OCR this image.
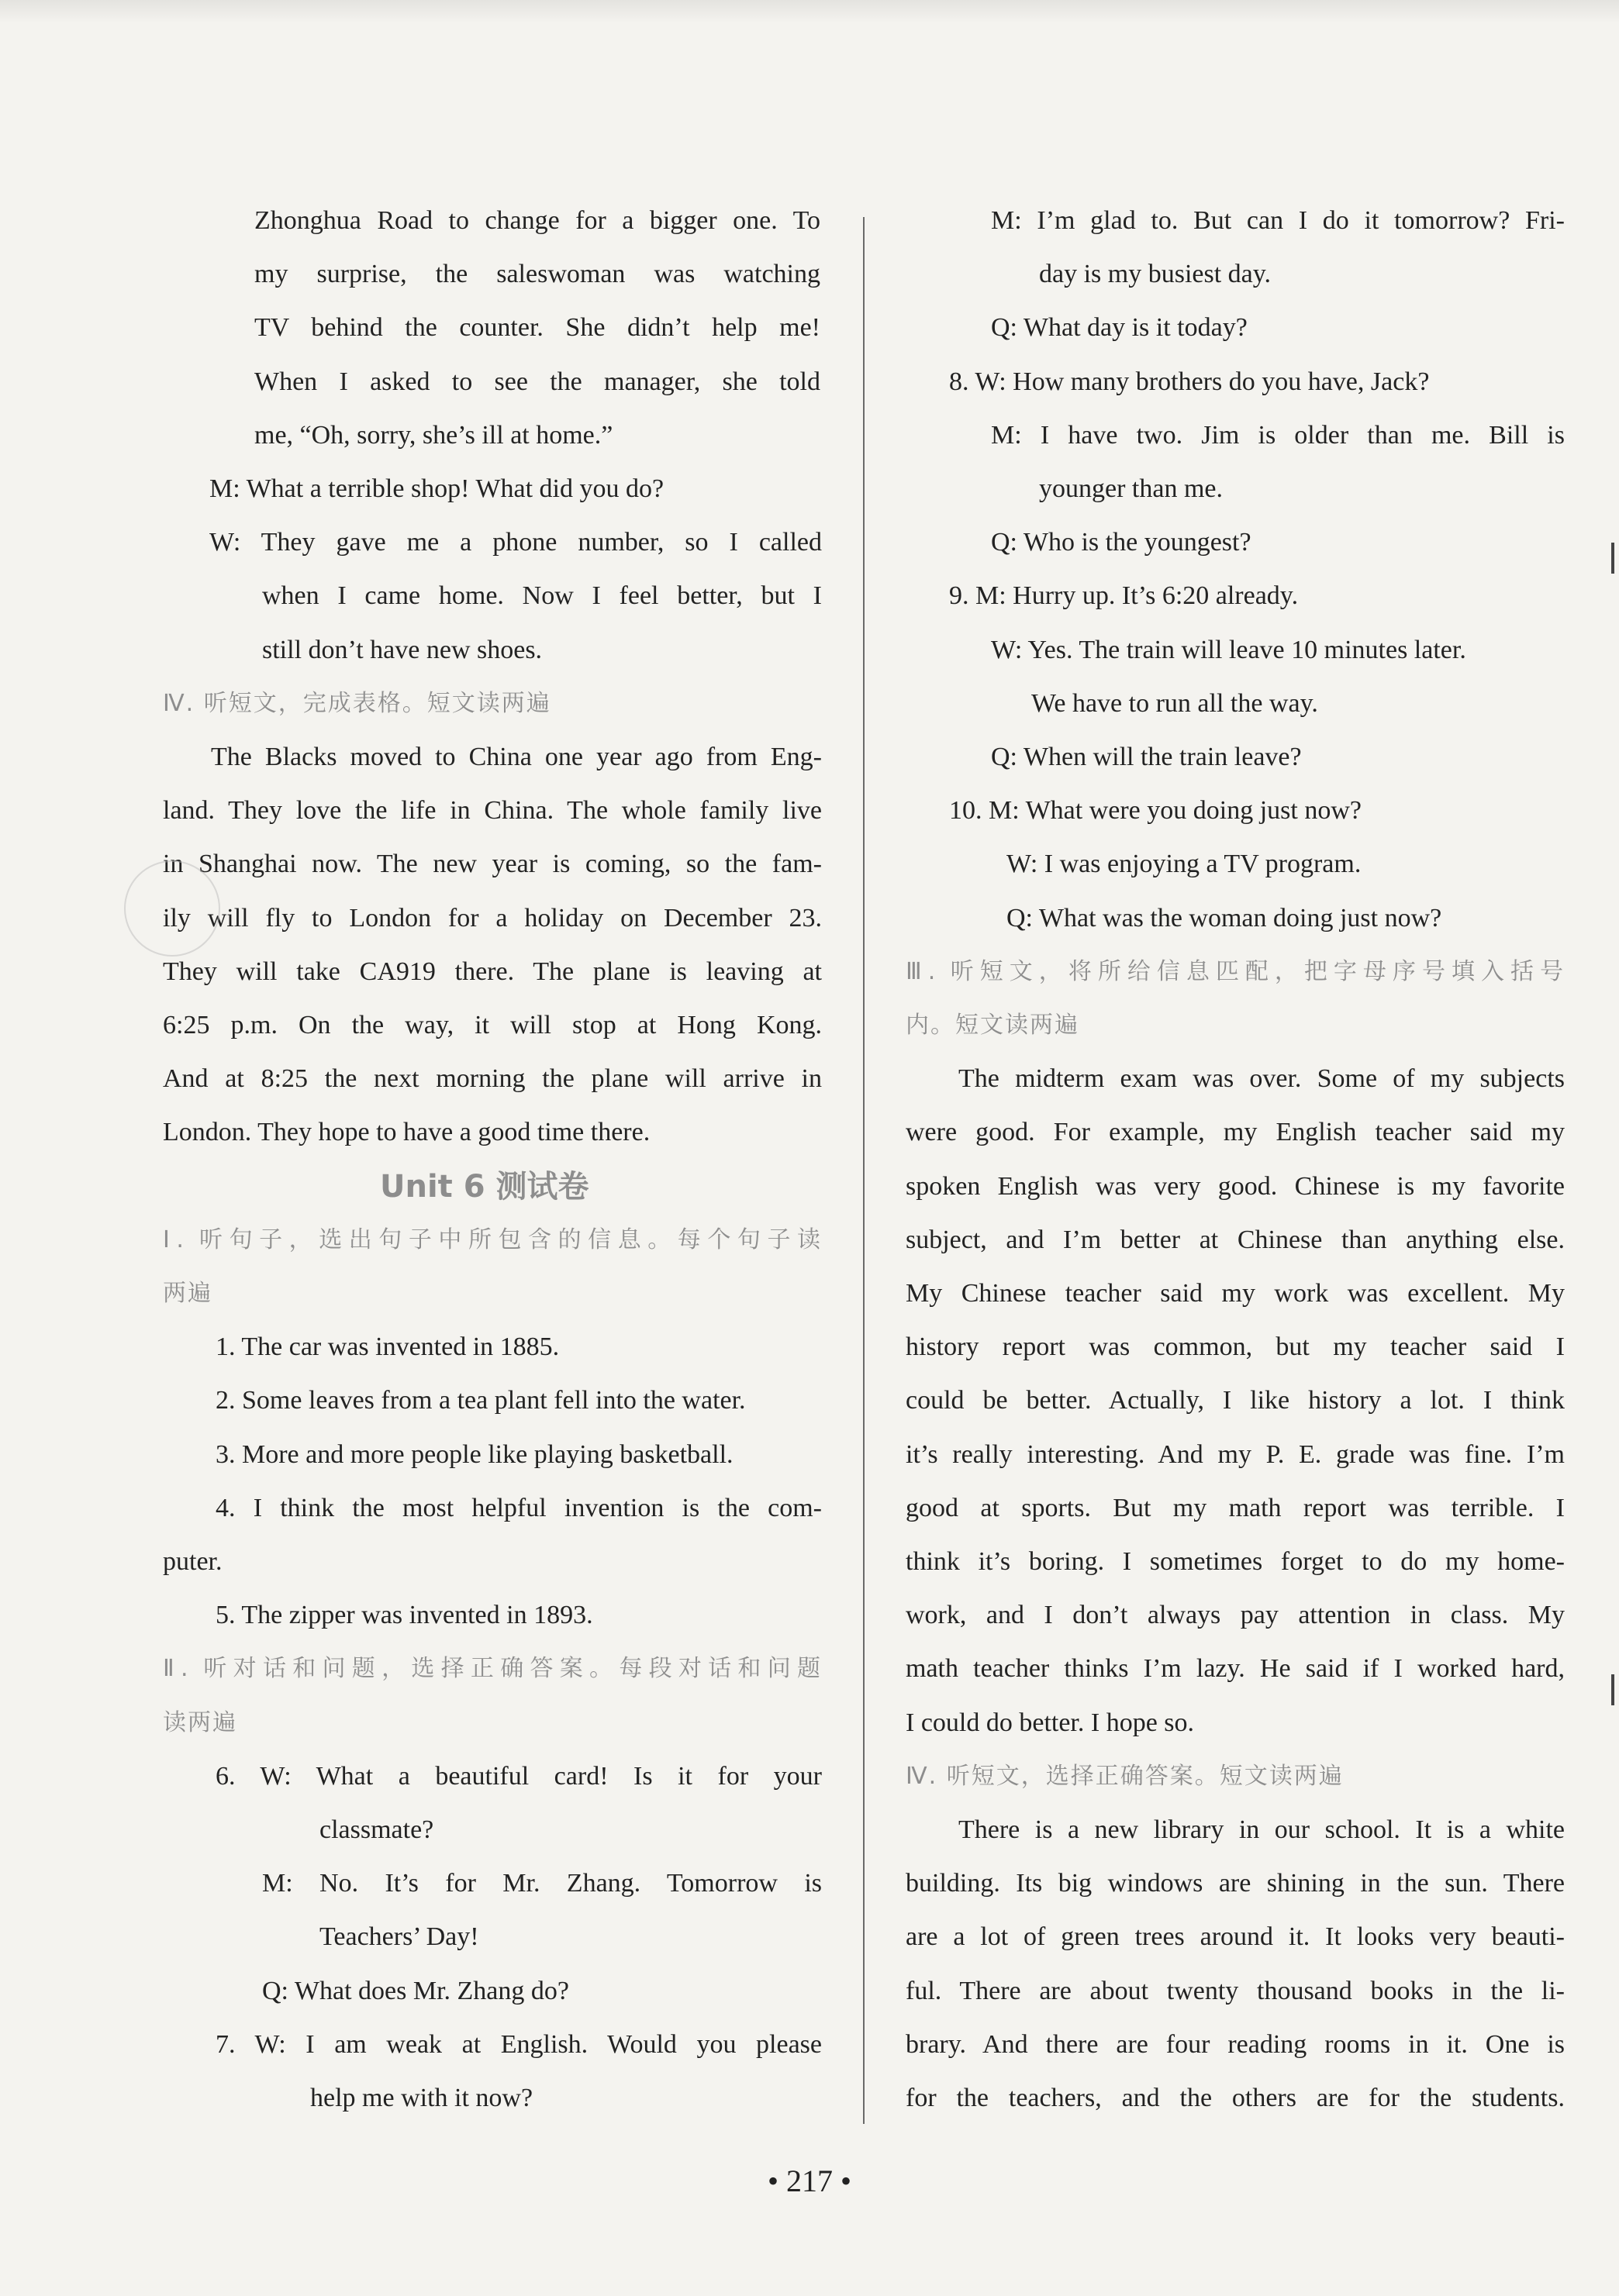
Zhonghua Road to change for a bigger one. To
my surprise, the saleswoman was watching
TV behind the counter. She didn’t help me!
When I asked to see the manager, she told
me, “Oh, sorry, she’s ill at home.”
M: What a terrible shop! What did you do?
W: They gave me a phone number, so I called
when I came home. Now I feel better, but I
still don’t have new shoes.
Ⅳ. 听短文，完成表格。短文读两遍
The Blacks moved to China one year ago from Eng-
land. They love the life in China. The whole family live
in Shanghai now. The new year is coming, so the fam-
ily will fly to London for a holiday on December 23.
They will take CA919 there. The plane is leaving at
6:25 p.m. On the way, it will stop at Hong Kong.
And at 8:25 the next morning the plane will arrive in
London. They hope to have a good time there.
Unit 6 测试卷
Ⅰ. 听句子，选出句子中所包含的信息。每个句子读
两遍
1. The car was invented in 1885.
2. Some leaves from a tea plant fell into the water.
3. More and more people like playing basketball.
4. I think the most helpful invention is the com-
puter.
5. The zipper was invented in 1893.
Ⅱ. 听对话和问题，选择正确答案。每段对话和问题
读两遍
6. W: What a beautiful card! Is it for your
classmate?
M: No. It’s for Mr. Zhang. Tomorrow is
Teachers’ Day!
Q: What does Mr. Zhang do?
7. W: I am weak at English. Would you please
help me with it now?
M: I’m glad to. But can I do it tomorrow? Fri-
day is my busiest day.
Q: What day is it today?
8. W: How many brothers do you have, Jack?
M: I have two. Jim is older than me. Bill is
younger than me.
Q: Who is the youngest?
9. M: Hurry up. It’s 6:20 already.
W: Yes. The train will leave 10 minutes later.
We have to run all the way.
Q: When will the train leave?
10. M: What were you doing just now?
W: I was enjoying a TV program.
Q: What was the woman doing just now?
Ⅲ. 听短文，将所给信息匹配，把字母序号填入括号
内。短文读两遍
The midterm exam was over. Some of my subjects
were good. For example, my English teacher said my
spoken English was very good. Chinese is my favorite
subject, and I’m better at Chinese than anything else.
My Chinese teacher said my work was excellent. My
history report was common, but my teacher said I
could be better. Actually, I like history a lot. I think
it’s really interesting. And my P. E. grade was fine. I’m
good at sports. But my math report was terrible. I
think it’s boring. I sometimes forget to do my home-
work, and I don’t always pay attention in class. My
math teacher thinks I’m lazy. He said if I worked hard,
I could do better. I hope so.
Ⅳ. 听短文，选择正确答案。短文读两遍
There is a new library in our school. It is a white
building. Its big windows are shining in the sun. There
are a lot of green trees around it. It looks very beauti-
ful. There are about twenty thousand books in the li-
brary. And there are four reading rooms in it. One is
for the teachers, and the others are for the students.
• 217 •
